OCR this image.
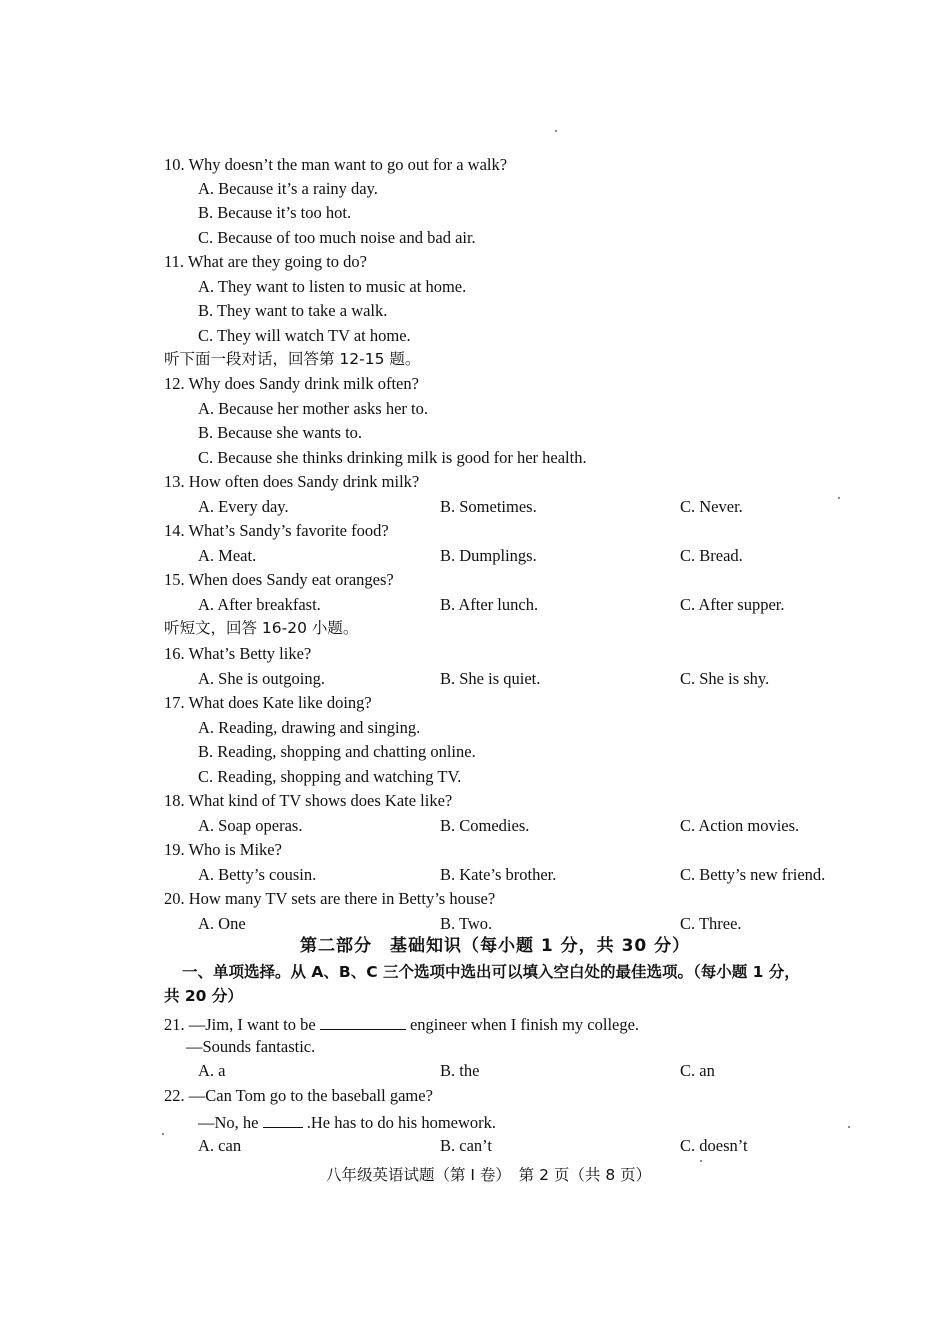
10. Why doesn’t the man want to go out for a walk?
A. Because it’s a rainy day.
B. Because it’s too hot.
C. Because of too much noise and bad air.
11. What are they going to do?
A. They want to listen to music at home.
B. They want to take a walk.
C. They will watch TV at home.
听下面一段对话，回答第 12-15 题。
12. Why does Sandy drink milk often?
A. Because her mother asks her to.
B. Because she wants to.
C. Because she thinks drinking milk is good for her health.
13. How often does Sandy drink milk?
A. Every day.	B. Sometimes.	C. Never.
14. What’s Sandy’s favorite food?
A. Meat.	B. Dumplings.	C. Bread.
15. When does Sandy eat oranges?
A. After breakfast.	B. After lunch.	C. After supper.
听短文，回答 16-20 小题。
16. What’s Betty like?
A. She is outgoing.	B. She is quiet.	C. She is shy.
17. What does Kate like doing?
A. Reading, drawing and singing.
B. Reading, shopping and chatting online.
C. Reading, shopping and watching TV.
18. What kind of TV shows does Kate like?
A. Soap operas.	B. Comedies.	C. Action movies.
19. Who is Mike?
A. Betty’s cousin.	B. Kate’s brother.	C. Betty’s new friend.
20. How many TV sets are there in Betty’s house?
A. One	B. Two.	C. Three.
第二部分　基础知识（每小题 1 分，共 30 分）
一、单项选择。从 A、B、C 三个选项中选出可以填入空白处的最佳选项。（每小题 1 分，
共 20 分）
21. —Jim, I want to be	engineer when I finish my college.
—Sounds fantastic.
A. a	B. the	C. an
22. —Can Tom go to the baseball game?
—No, he	.He has to do his homework.
A. can	B. can’t	C. doesn’t
八年级英语试题（第 I 卷）　第 2 页（共 8 页）
